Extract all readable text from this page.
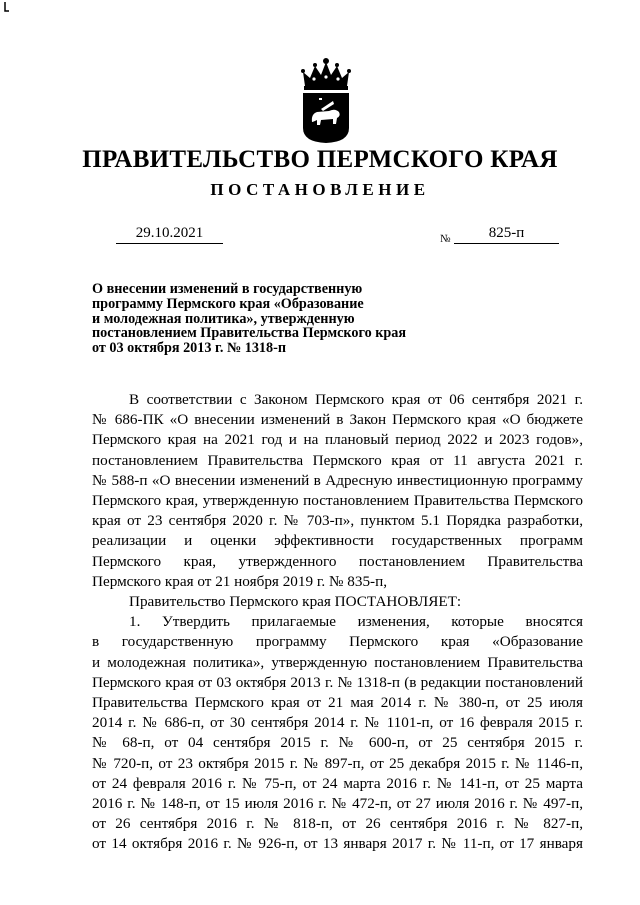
ПРАВИТЕЛЬСТВО ПЕРМСКОГО КРАЯ
ПОСТАНОВЛЕНИЕ
29.10.2021	№	825-п
О внесении изменений в государственную
программу Пермского края «Образование
и молодежная политика», утвержденную
постановлением Правительства Пермского края
от 03 октября 2013 г. № 1318-п
В соответствии с Законом Пермского края от 06 сентября 2021 г.
№ 686-ПК «О внесении изменений в Закон Пермского края «О бюджете
Пермского края на 2021 год и на плановый период 2022 и 2023 годов»,
постановлением Правительства Пермского края от 11 августа 2021 г.
№ 588-п «О внесении изменений в Адресную инвестиционную программу
Пермского края, утвержденную постановлением Правительства Пермского
края от 23 сентября 2020 г. № 703-п», пунктом 5.1 Порядка разработки,
реализации и оценки эффективности государственных программ
Пермского края, утвержденного постановлением Правительства
Пермского края от 21 ноября 2019 г. № 835-п,
Правительство Пермского края ПОСТАНОВЛЯЕТ:
1. Утвердить прилагаемые изменения, которые вносятся
в государственную программу Пермского края «Образование
и молодежная политика», утвержденную постановлением Правительства
Пермского края от 03 октября 2013 г. № 1318-п (в редакции постановлений
Правительства Пермского края от 21 мая 2014 г. № 380-п, от 25 июля
2014 г. № 686-п, от 30 сентября 2014 г. № 1101-п, от 16 февраля 2015 г.
№ 68-п, от 04 сентября 2015 г. № 600-п, от 25 сентября 2015 г.
№ 720-п, от 23 октября 2015 г. № 897-п, от 25 декабря 2015 г. № 1146-п,
от 24 февраля 2016 г. № 75-п, от 24 марта 2016 г. № 141-п, от 25 марта
2016 г. № 148-п, от 15 июля 2016 г. № 472-п, от 27 июля 2016 г. № 497-п,
от 26 сентября 2016 г. № 818-п, от 26 сентября 2016 г. № 827-п,
от 14 октября 2016 г. № 926-п, от 13 января 2017 г. № 11-п, от 17 января
